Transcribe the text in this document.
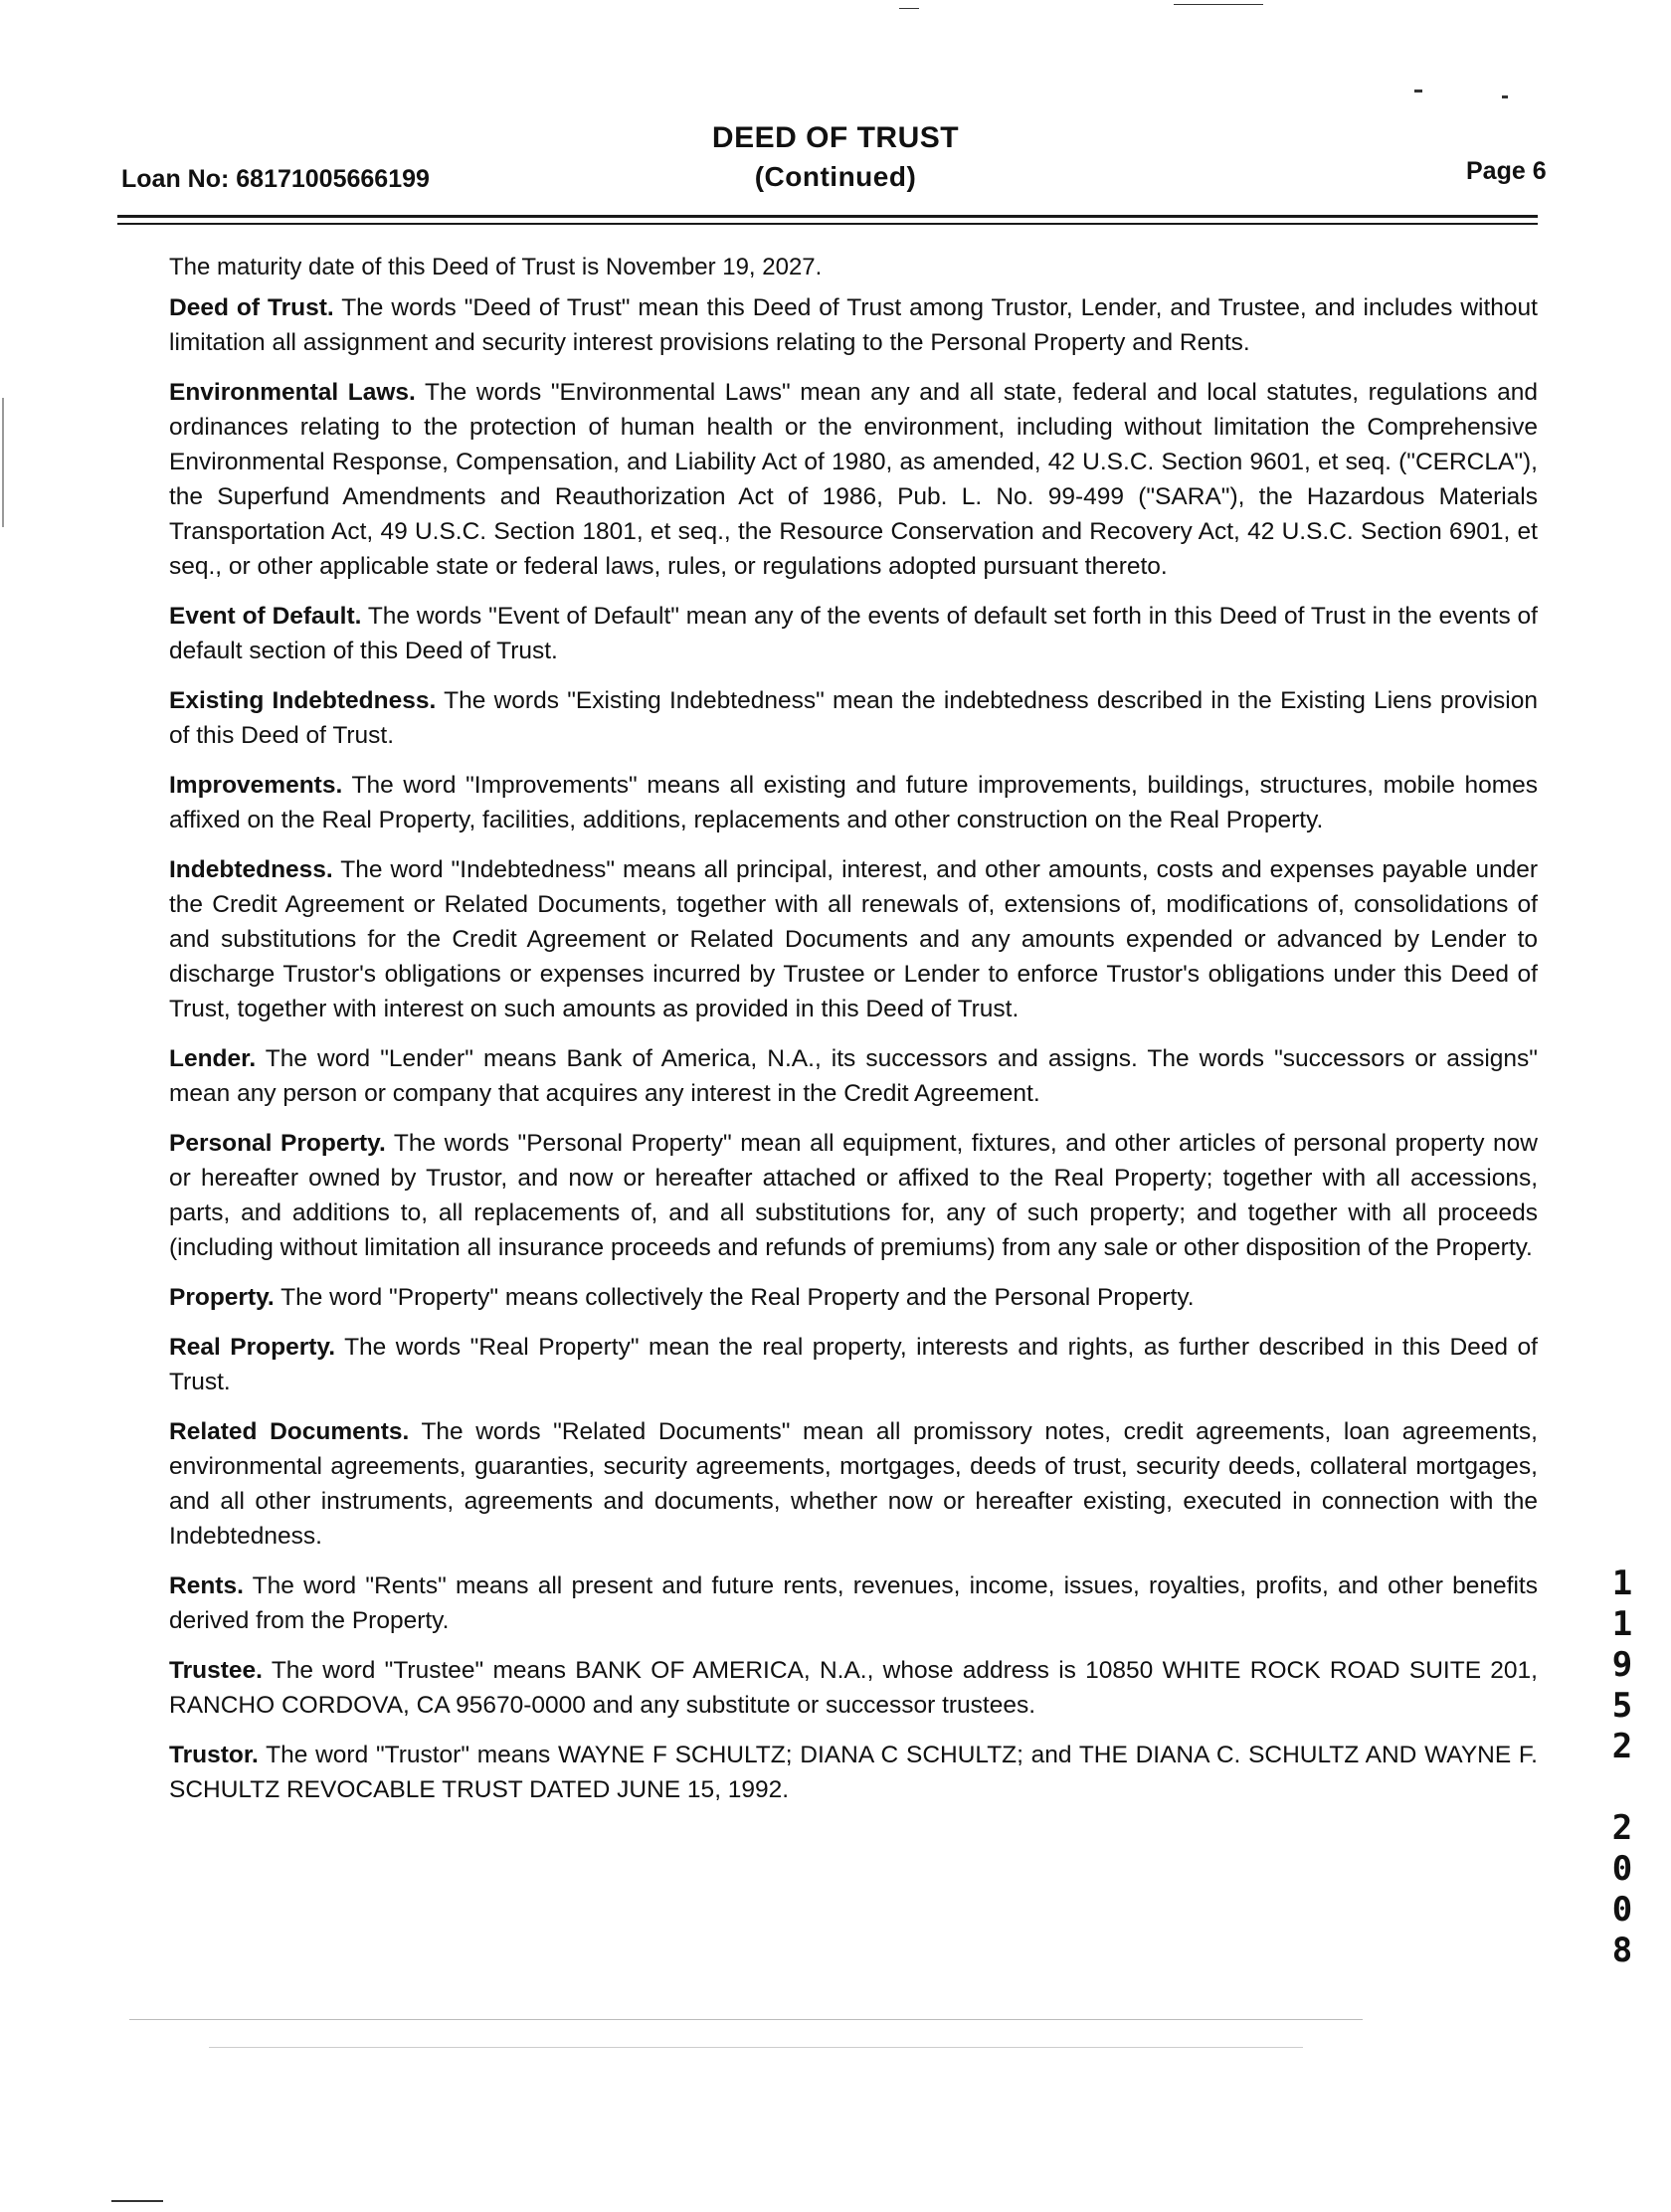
DEED OF TRUST
(Continued)
Loan No: 68171005666199	Page 6
The maturity date of this Deed of Trust is November 19, 2027.

Deed of Trust. The words "Deed of Trust" mean this Deed of Trust among Trustor, Lender, and Trustee, and includes without limitation all assignment and security interest provisions relating to the Personal Property and Rents.

Environmental Laws. The words "Environmental Laws" mean any and all state, federal and local statutes, regulations and ordinances relating to the protection of human health or the environment, including without limitation the Comprehensive Environmental Response, Compensation, and Liability Act of 1980, as amended, 42 U.S.C. Section 9601, et seq. ("CERCLA"), the Superfund Amendments and Reauthorization Act of 1986, Pub. L. No. 99-499 ("SARA"), the Hazardous Materials Transportation Act, 49 U.S.C. Section 1801, et seq., the Resource Conservation and Recovery Act, 42 U.S.C. Section 6901, et seq., or other applicable state or federal laws, rules, or regulations adopted pursuant thereto.

Event of Default. The words "Event of Default" mean any of the events of default set forth in this Deed of Trust in the events of default section of this Deed of Trust.

Existing Indebtedness. The words "Existing Indebtedness" mean the indebtedness described in the Existing Liens provision of this Deed of Trust.

Improvements. The word "Improvements" means all existing and future improvements, buildings, structures, mobile homes affixed on the Real Property, facilities, additions, replacements and other construction on the Real Property.

Indebtedness. The word "Indebtedness" means all principal, interest, and other amounts, costs and expenses payable under the Credit Agreement or Related Documents, together with all renewals of, extensions of, modifications of, consolidations of and substitutions for the Credit Agreement or Related Documents and any amounts expended or advanced by Lender to discharge Trustor's obligations or expenses incurred by Trustee or Lender to enforce Trustor's obligations under this Deed of Trust, together with interest on such amounts as provided in this Deed of Trust.

Lender. The word "Lender" means Bank of America, N.A., its successors and assigns. The words "successors or assigns" mean any person or company that acquires any interest in the Credit Agreement.

Personal Property. The words "Personal Property" mean all equipment, fixtures, and other articles of personal property now or hereafter owned by Trustor, and now or hereafter attached or affixed to the Real Property; together with all accessions, parts, and additions to, all replacements of, and all substitutions for, any of such property; and together with all proceeds (including without limitation all insurance proceeds and refunds of premiums) from any sale or other disposition of the Property.

Property. The word "Property" means collectively the Real Property and the Personal Property.

Real Property. The words "Real Property" mean the real property, interests and rights, as further described in this Deed of Trust.

Related Documents. The words "Related Documents" mean all promissory notes, credit agreements, loan agreements, environmental agreements, guaranties, security agreements, mortgages, deeds of trust, security deeds, collateral mortgages, and all other instruments, agreements and documents, whether now or hereafter existing, executed in connection with the Indebtedness.

Rents. The word "Rents" means all present and future rents, revenues, income, issues, royalties, profits, and other benefits derived from the Property.

Trustee. The word "Trustee" means BANK OF AMERICA, N.A., whose address is 10850 WHITE ROCK ROAD SUITE 201, RANCHO CORDOVA, CA 95670-0000 and any substitute or successor trustees.

Trustor. The word "Trustor" means WAYNE F SCHULTZ; DIANA C SCHULTZ; and THE DIANA C. SCHULTZ AND WAYNE F. SCHULTZ REVOCABLE TRUST DATED JUNE 15, 1992.

1
1
9
5
2
2
0
0
8
